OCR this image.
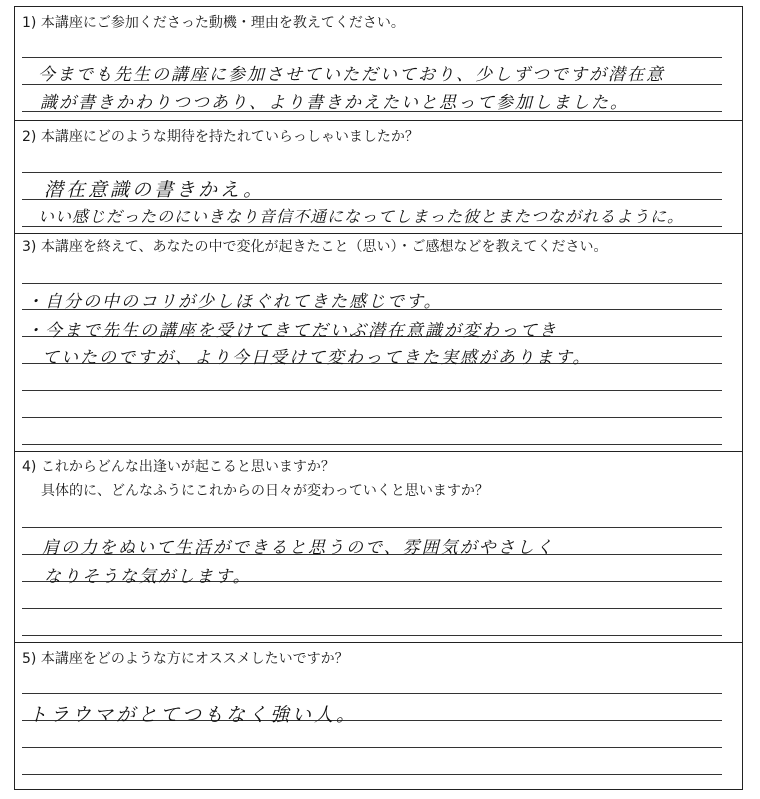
1) 本講座にご参加くださった動機・理由を教えてください。
今までも先生の講座に参加させていただいており、少しずつですが潜在意
識が書きかわりつつあり、より書きかえたいと思って参加しました。
2) 本講座にどのような期待を持たれていらっしゃいましたか？
潜在意識の書きかえ。
いい感じだったのにいきなり音信不通になってしまった彼とまたつながれるように。
3) 本講座を終えて、あなたの中で変化が起きたこと（思い）・ご感想などを教えてください。
・自分の中のコリが少しほぐれてきた感じです。
・今まで先生の講座を受けてきてだいぶ潜在意識が変わってき
ていたのですが、より今日受けて変わってきた実感があります。
4) これからどんな出逢いが起こると思いますか？
具体的に、どんなふうにこれからの日々が変わっていくと思いますか？
肩の力をぬいて生活ができると思うので、雰囲気がやさしく
なりそうな気がします。
5) 本講座をどのような方にオススメしたいですか？
トラウマがとてつもなく強い人。
